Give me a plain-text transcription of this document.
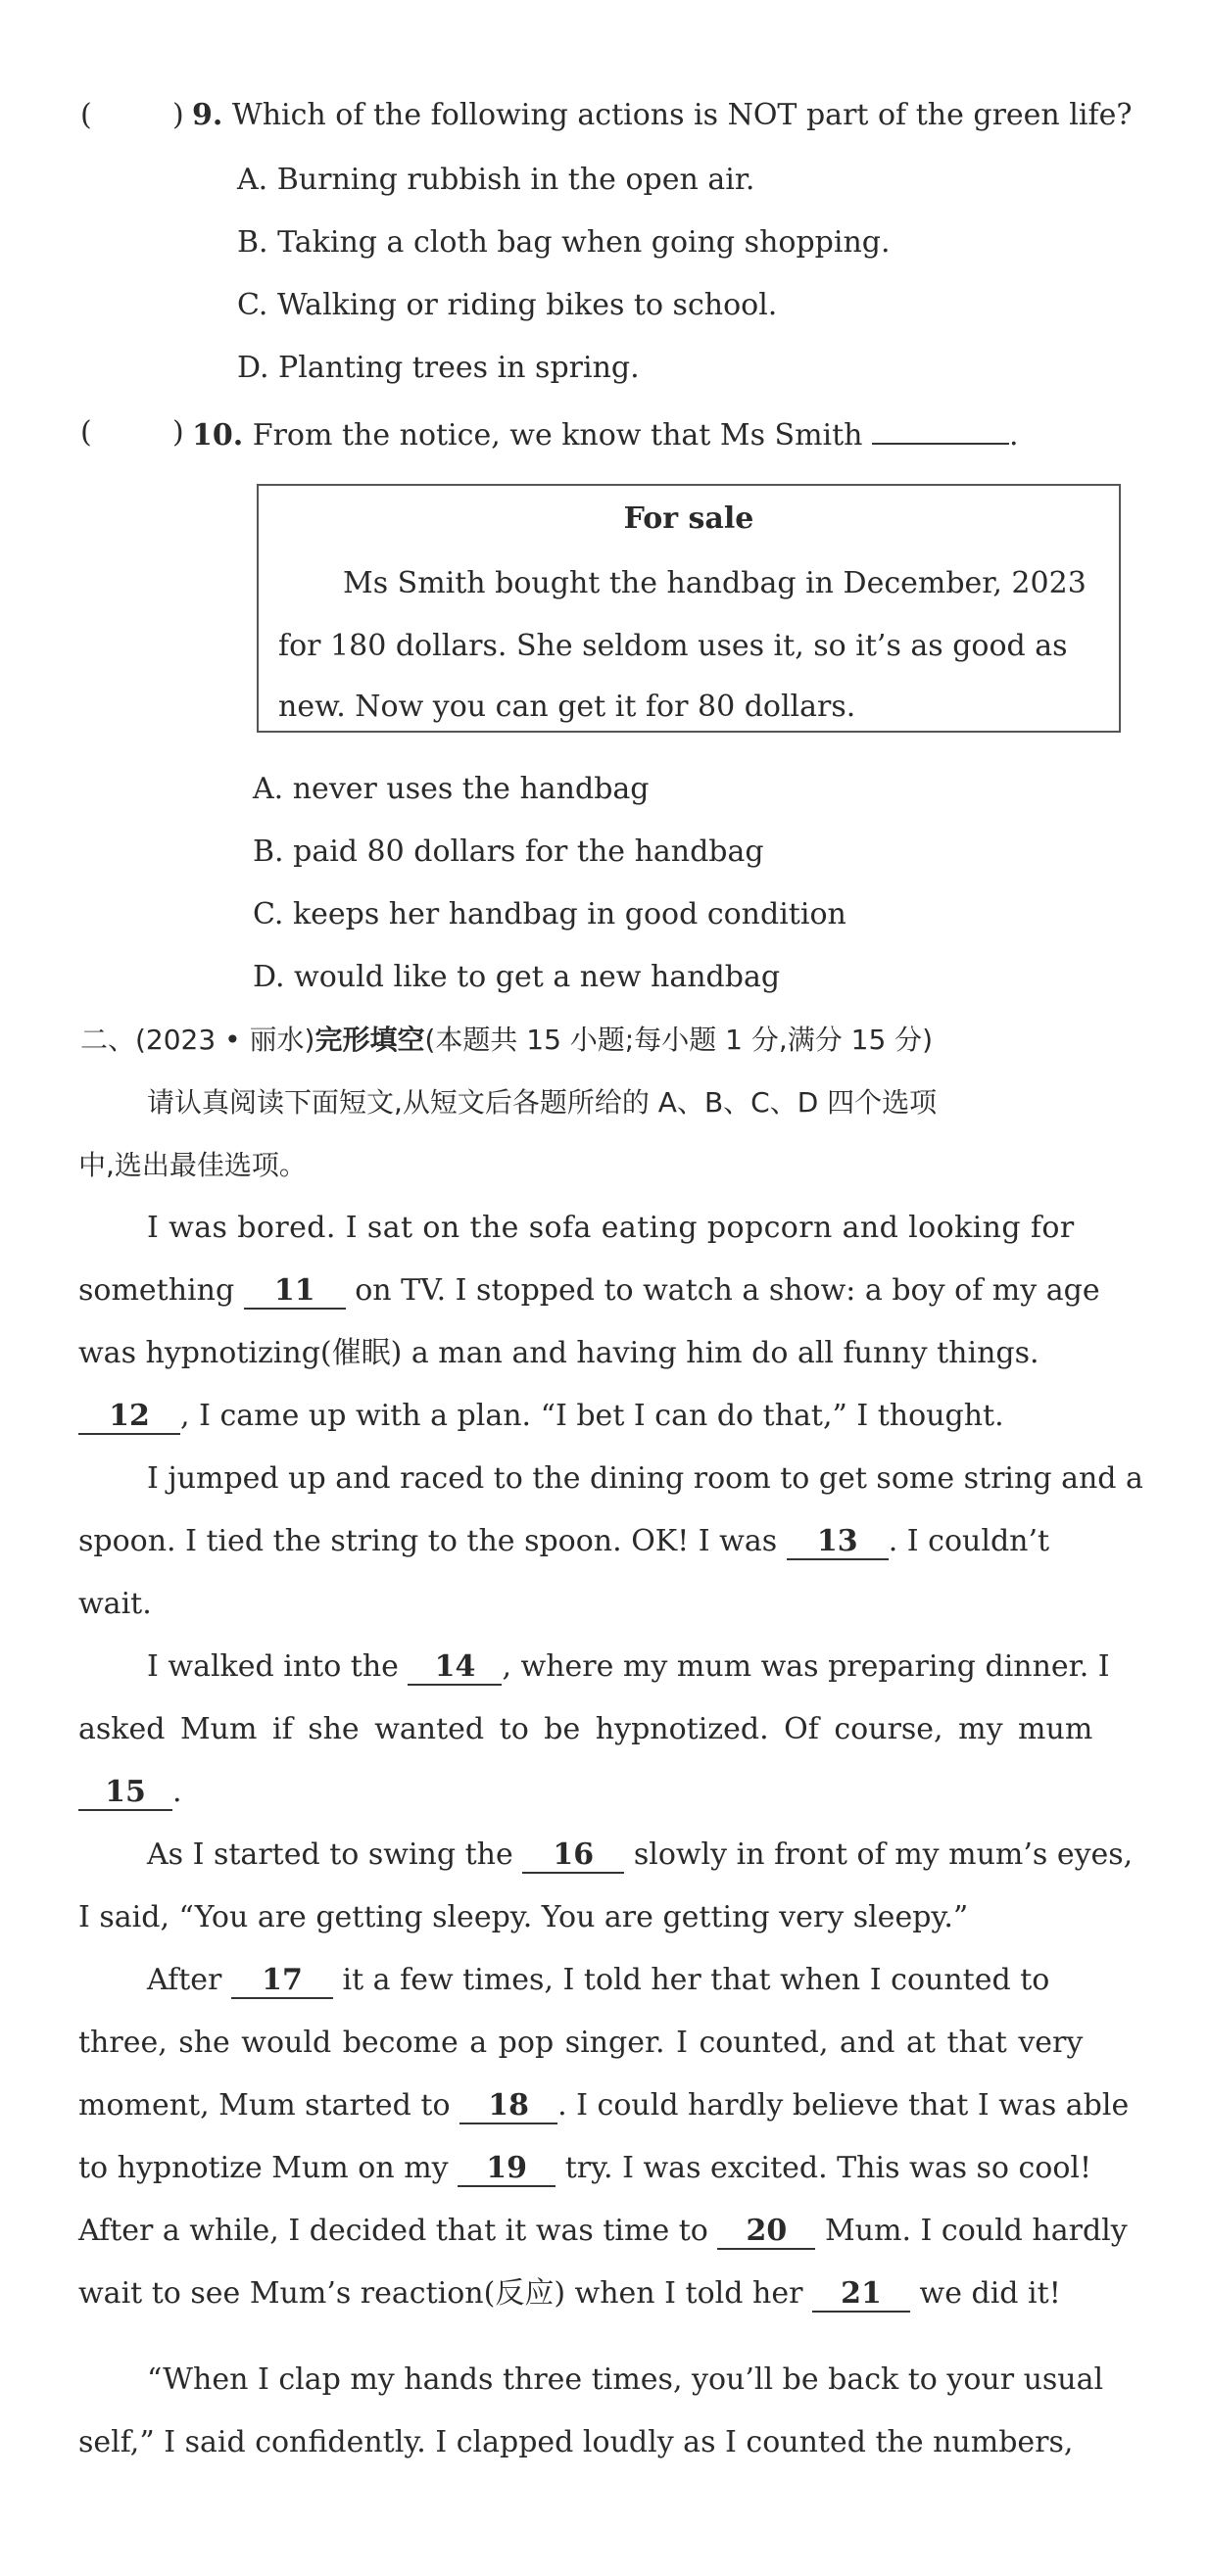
(	) 9. Which of the following actions is NOT part of the green life?
A. Burning rubbish in the open air.
B. Taking a cloth bag when going shopping.
C. Walking or riding bikes to school.
D. Planting trees in spring.
(	) 10. From the notice, we know that Ms Smith	.
For sale
Ms Smith bought the handbag in December, 2023
for 180 dollars. She seldom uses it, so it’s as good as
new. Now you can get it for 80 dollars.
A. never uses the handbag
B. paid 80 dollars for the handbag
C. keeps her handbag in good condition
D. would like to get a new handbag
二、(2023 • 丽水)完形填空(本题共 15 小题;每小题 1 分,满分 15 分)
请认真阅读下面短文,从短文后各题所给的 A、B、C、D 四个选项
中,选出最佳选项。
I was bored. I sat on the sofa eating popcorn and looking for
something 11 on TV. I stopped to watch a show: a boy of my age
was hypnotizing(催眠) a man and having him do all funny things.
12 , I came up with a plan. “I bet I can do that,” I thought.
I jumped up and raced to the dining room to get some string and a
spoon. I tied the string to the spoon. OK! I was 13 . I couldn’t
wait.
I walked into the 14 , where my mum was preparing dinner. I
asked Mum if she wanted to be hypnotized. Of course, my mum
15 .
As I started to swing the 16 slowly in front of my mum’s eyes,
I said, “You are getting sleepy. You are getting very sleepy.”
After 17 it a few times, I told her that when I counted to
three, she would become a pop singer. I counted, and at that very
moment, Mum started to 18 . I could hardly believe that I was able
to hypnotize Mum on my 19 try. I was excited. This was so cool!
After a while, I decided that it was time to 20 Mum. I could hardly
wait to see Mum’s reaction(反应) when I told her 21 we did it!
“When I clap my hands three times, you’ll be back to your usual
self,” I said confidently. I clapped loudly as I counted the numbers,
